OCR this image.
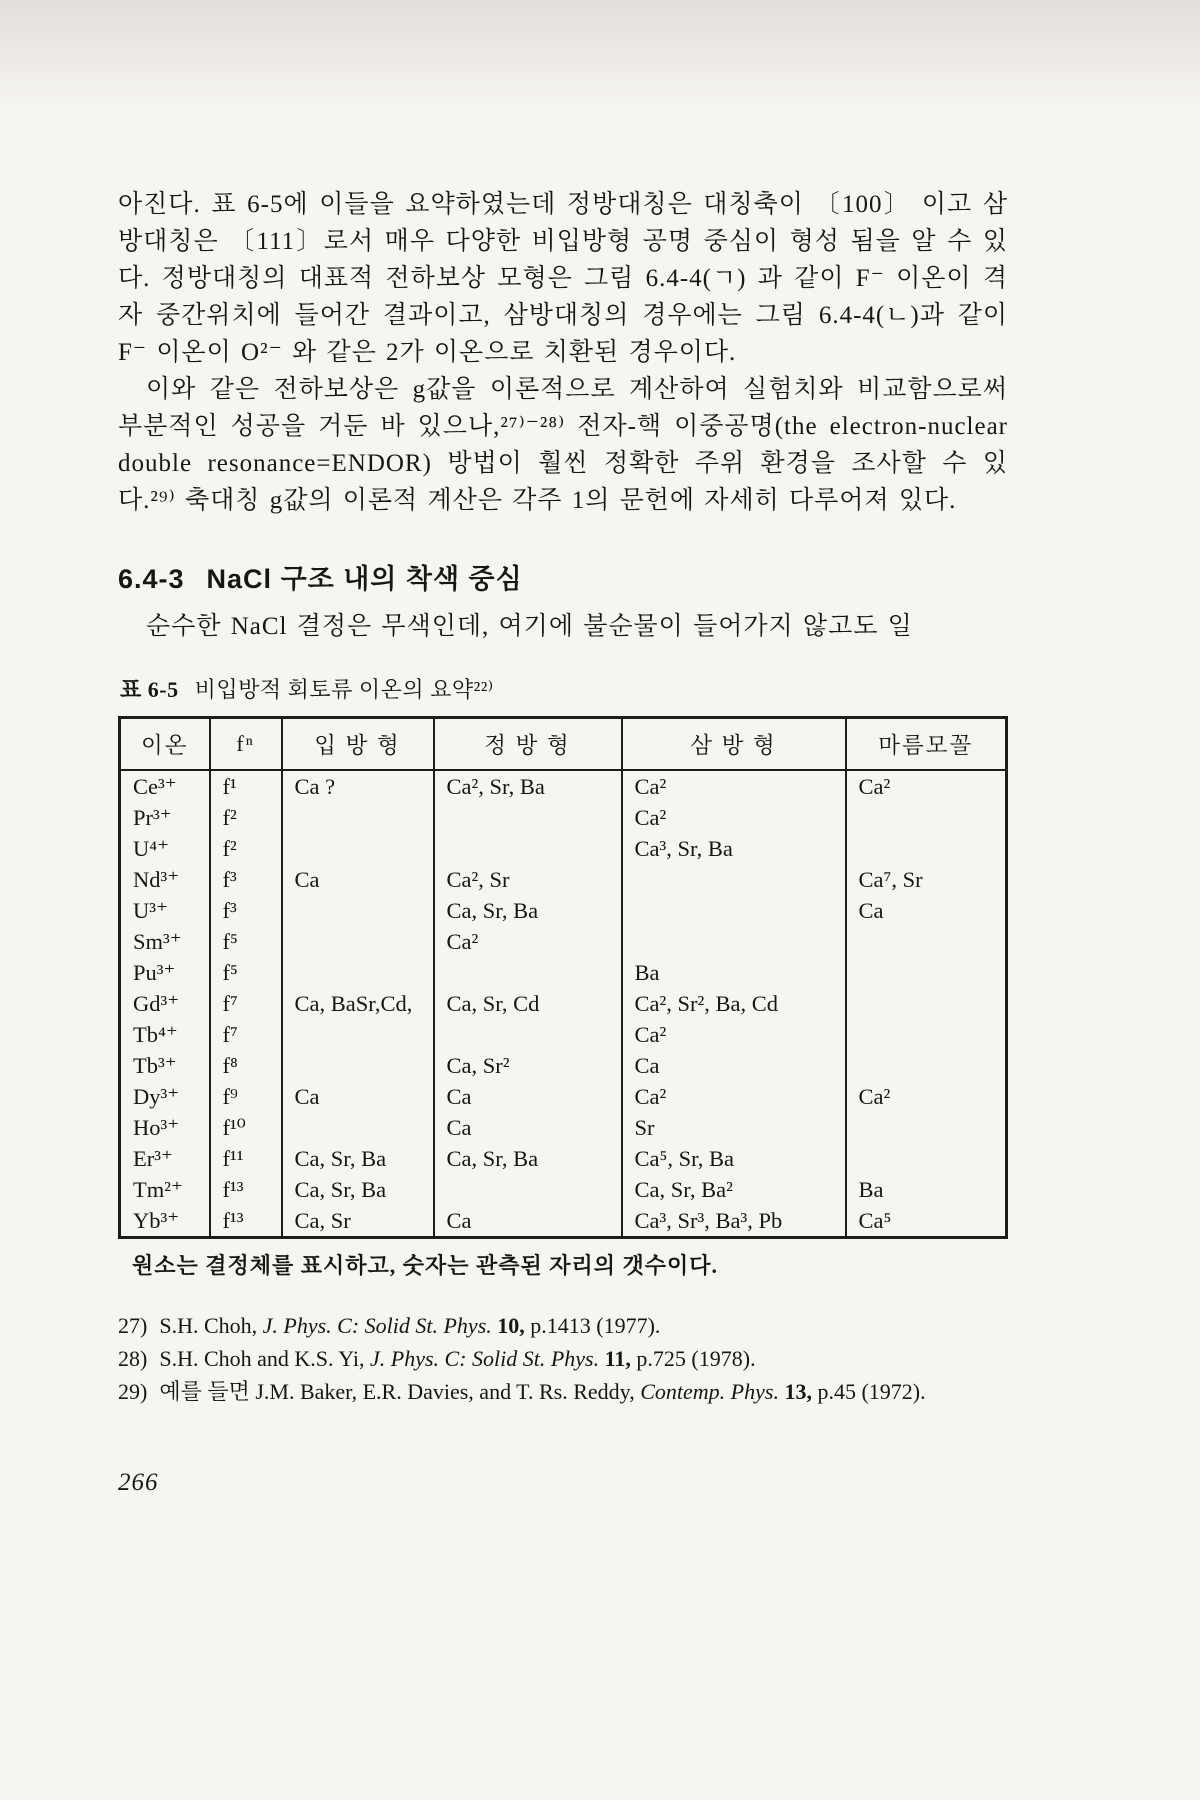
아진다. 표 6-5에 이들을 요약하였는데 정방대칭은 대칭축이 〔100〕 이고 삼방대칭은 〔111〕로서 매우 다양한 비입방형 공명 중심이 형성 됨을 알 수 있다. 정방대칭의 대표적 전하보상 모형은 그림 6.4-4(ㄱ) 과 같이 F⁻ 이온이 격자 중간위치에 들어간 결과이고, 삼방대칭의 경우에는 그림 6.4-4(ㄴ)과 같이 F⁻ 이온이 O²⁻ 와 같은 2가 이온으로 치환된 경우이다.

이와 같은 전하보상은 g값을 이론적으로 계산하여 실험치와 비교함으로써 부분적인 성공을 거둔 바 있으나,²⁷⁾⁻²⁸⁾ 전자-핵 이중공명(the electron-nuclear double resonance=ENDOR) 방법이 훨씬 정확한 주위 환경을 조사할 수 있다.²⁹⁾ 축대칭 g값의 이론적 계산은 각주 1의 문헌에 자세히 다루어져 있다.

6.4-3 NaCl 구조 내의 착색 중심

순수한 NaCl 결정은 무색인데, 여기에 불순물이 들어가지 않고도 일

표 6-5 비입방적 회토류 이온의 요약²²⁾

이온	fⁿ	입 방 형	정 방 형	삼 방 형	마름모꼴
Ce³⁺	f¹	Ca ?	Ca², Sr, Ba	Ca²	Ca²
Pr³⁺	f²			Ca²	
U⁴⁺	f²			Ca³, Sr, Ba	
Nd³⁺	f³	Ca	Ca², Sr		Ca⁷, Sr
U³⁺	f³		Ca, Sr, Ba		Ca
Sm³⁺	f⁵		Ca²		
Pu³⁺	f⁵			Ba	
Gd³⁺	f⁷	Ca, BaSr,Cd,	Ca, Sr, Cd	Ca², Sr², Ba, Cd	
Tb⁴⁺	f⁷			Ca²	
Tb³⁺	f⁸		Ca, Sr²	Ca	
Dy³⁺	f⁹	Ca	Ca	Ca²	Ca²
Ho³⁺	f¹⁰		Ca	Sr	
Er³⁺	f¹¹	Ca, Sr, Ba	Ca, Sr, Ba	Ca⁵, Sr, Ba	
Tm²⁺	f¹³	Ca, Sr, Ba		Ca, Sr, Ba²	Ba
Yb³⁺	f¹³	Ca, Sr	Ca	Ca³, Sr³, Ba³, Pb	Ca⁵

원소는 결정체를 표시하고, 숫자는 관측된 자리의 갯수이다.

27) S.H. Choh, J. Phys. C: Solid St. Phys. 10, p.1413 (1977).
28) S.H. Choh and K.S. Yi, J. Phys. C: Solid St. Phys. 11, p.725 (1978).
29) 예를 들면 J.M. Baker, E.R. Davies, and T. Rs. Reddy, Contemp. Phys. 13, p.45 (1972).
266
